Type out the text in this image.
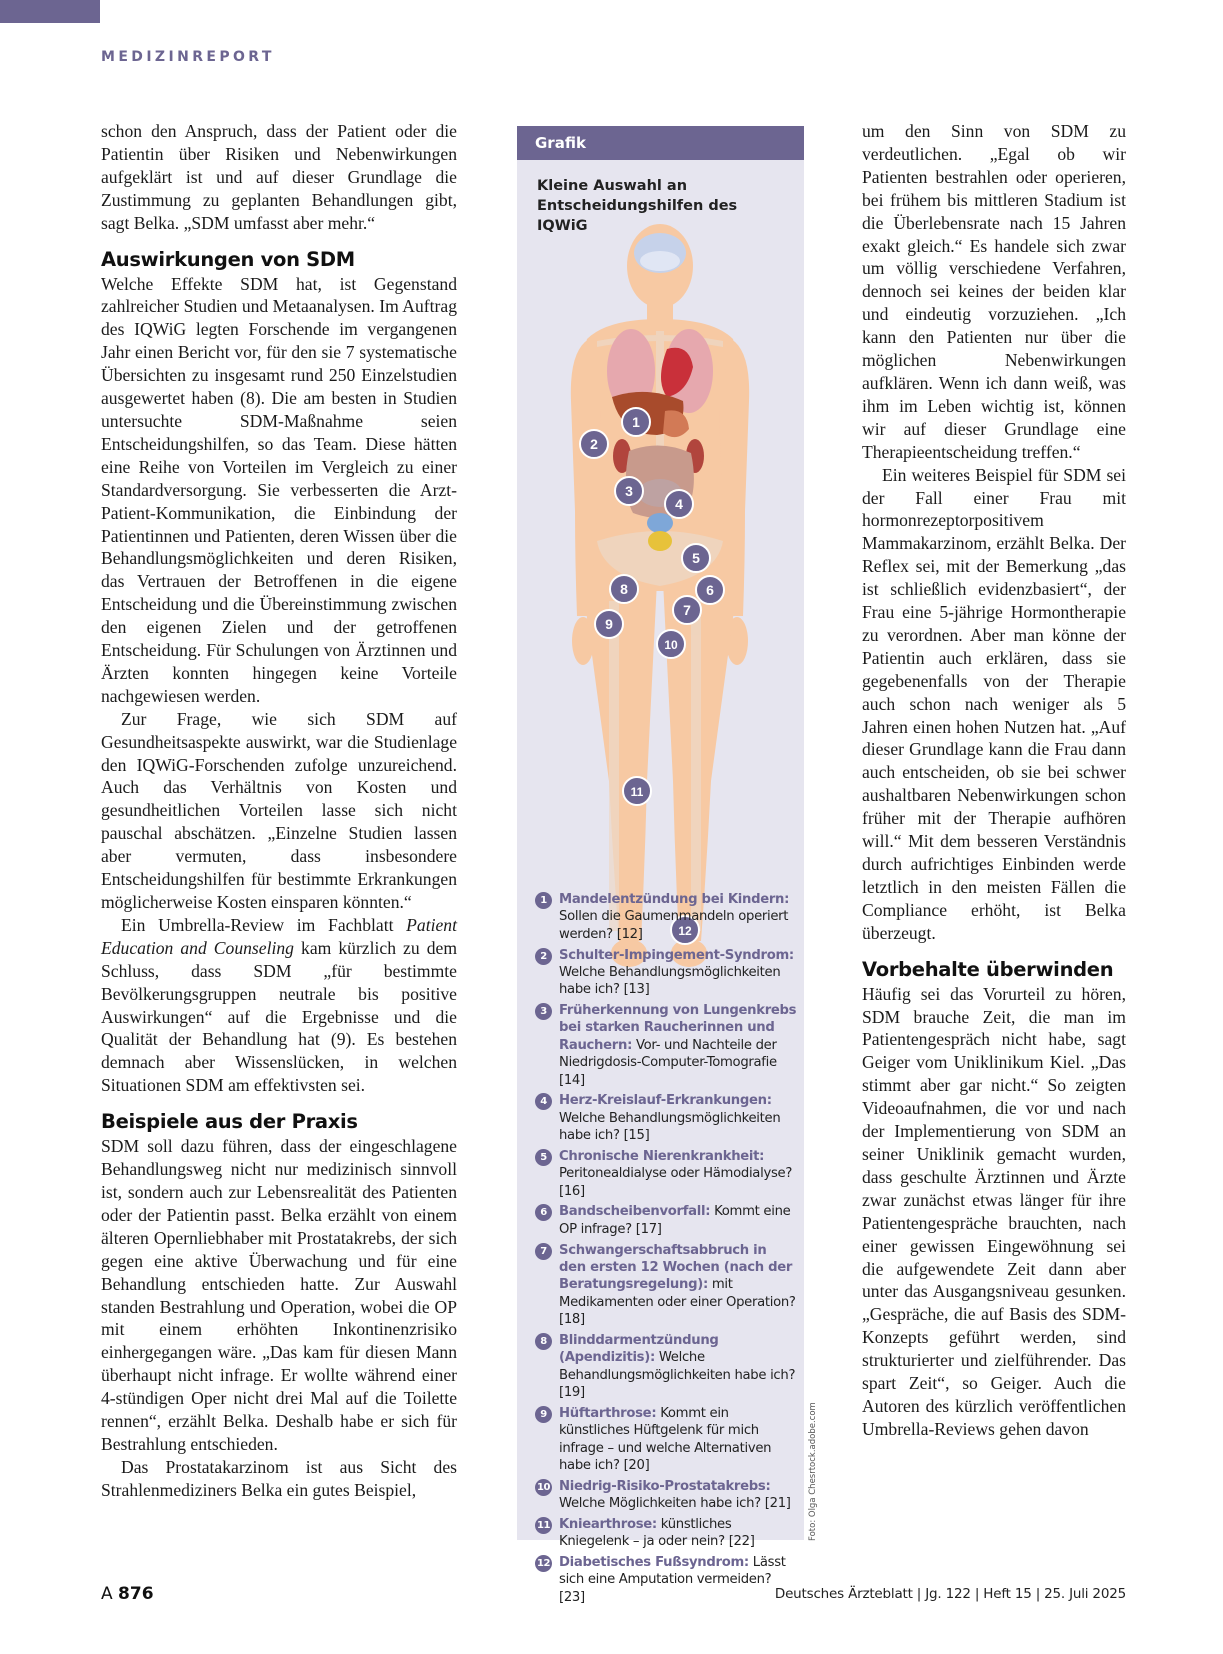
MEDIZINREPORT

schon den Anspruch, dass der Patient oder die Patientin über Risiken und Nebenwirkungen aufgeklärt ist und auf dieser Grundlage die Zustimmung zu geplanten Behandlungen gibt, sagt Belka. „SDM umfasst aber mehr.“

Auswirkungen von SDM

Welche Effekte SDM hat, ist Gegenstand zahlreicher Studien und Metaanalysen. Im Auftrag des IQWiG legten Forschende im vergangenen Jahr einen Bericht vor, für den sie 7 systematische Übersichten zu insgesamt rund 250 Einzelstudien ausgewertet haben (8). Die am besten in Studien untersuchte SDM-Maßnahme seien Entscheidungshilfen, so das Team. Diese hätten eine Reihe von Vorteilen im Vergleich zu einer Standardversorgung. Sie verbesserten die Arzt-Patient-Kommunikation, die Einbindung der Patientinnen und Patienten, deren Wissen über die Behandlungsmöglichkeiten und deren Risiken, das Vertrauen der Betroffenen in die eigene Entscheidung und die Übereinstimmung zwischen den eigenen Zielen und der getroffenen Entscheidung. Für Schulungen von Ärztinnen und Ärzten konnten hingegen keine Vorteile nachgewiesen werden.

Zur Frage, wie sich SDM auf Gesundheitsaspekte auswirkt, war die Studienlage den IQWiG-Forschenden zufolge unzureichend. Auch das Verhältnis von Kosten und gesundheitlichen Vorteilen lasse sich nicht pauschal abschätzen. „Einzelne Studien lassen aber vermuten, dass insbesondere Entscheidungshilfen für bestimmte Erkrankungen möglicherweise Kosten einsparen könnten.“

Ein Umbrella-Review im Fachblatt Patient Education and Counseling kam kürzlich zu dem Schluss, dass SDM „für bestimmte Bevölkerungsgruppen neutrale bis positive Auswirkungen“ auf die Ergebnisse und die Qualität der Behandlung hat (9). Es bestehen demnach aber Wissenslücken, in welchen Situationen SDM am effektivsten sei.

Beispiele aus der Praxis

SDM soll dazu führen, dass der eingeschlagene Behandlungsweg nicht nur medizinisch sinnvoll ist, sondern auch zur Lebensrealität des Patienten oder der Patientin passt. Belka erzählt von einem älteren Opernliebhaber mit Prostatakrebs, der sich gegen eine aktive Überwachung und für eine Behandlung entschieden hatte. Zur Auswahl standen Bestrahlung und Operation, wobei die OP mit einem erhöhten Inkontinenzrisiko einhergegangen wäre. „Das kam für diesen Mann überhaupt nicht infrage. Er wollte während einer 4-stündigen Oper nicht drei Mal auf die Toilette rennen“, erzählt Belka. Deshalb habe er sich für Bestrahlung entschieden.

Das Prostatakarzinom ist aus Sicht des Strahlenmediziners Belka ein gutes Beispiel,

Grafik
Kleine Auswahl an Entscheidungshilfen des IQWiG
1
2
3
4
5
6
7
8
9
10
11
12
1 Mandelentzündung bei Kindern: Sollen die Gaumenmandeln operiert werden? [12]
2 Schulter-Impingement-Syndrom: Welche Behandlungsmöglichkeiten habe ich? [13]
3 Früherkennung von Lungenkrebs bei starken Raucherinnen und Rauchern: Vor- und Nachteile der Niedrigdosis-Computer-Tomografie [14]
4 Herz-Kreislauf-Erkrankungen: Welche Behandlungsmöglichkeiten habe ich? [15]
5 Chronische Nierenkrankheit: Peritonealdialyse oder Hämodialyse? [16]
6 Bandscheibenvorfall: Kommt eine OP infrage? [17]
7 Schwangerschaftsabbruch in den ersten 12 Wochen (nach der Beratungsregelung): mit Medikamenten oder einer Operation? [18]
8 Blinddarmentzündung (Apendizitis): Welche Behandlungsmöglichkeiten habe ich? [19]
9 Hüftarthrose: Kommt ein künstliches Hüftgelenk für mich infrage – und welche Alternativen habe ich? [20]
10 Niedrig-Risiko-Prostatakrebs: Welche Möglichkeiten habe ich? [21]
11 Kniearthrose: künstliches Kniegelenk – ja oder nein? [22]
12 Diabetisches Fußsyndrom: Lässt sich eine Amputation vermeiden? [23]
Foto: Olga Chesrtock.adobe.com

um den Sinn von SDM zu verdeutlichen. „Egal ob wir Patienten bestrahlen oder operieren, bei frühem bis mittleren Stadium ist die Überlebensrate nach 15 Jahren exakt gleich.“ Es handele sich zwar um völlig verschiedene Verfahren, dennoch sei keines der beiden klar und eindeutig vorzuziehen. „Ich kann den Patienten nur über die möglichen Nebenwirkungen aufklären. Wenn ich dann weiß, was ihm im Leben wichtig ist, können wir auf dieser Grundlage eine Therapieentscheidung treffen.“

Ein weiteres Beispiel für SDM sei der Fall einer Frau mit hormonrezeptorpositivem Mammakarzinom, erzählt Belka. Der Reflex sei, mit der Bemerkung „das ist schließlich evidenzbasiert“, der Frau eine 5-jährige Hormontherapie zu verordnen. Aber man könne der Patientin auch erklären, dass sie gegebenenfalls von der Therapie auch schon nach weniger als 5 Jahren einen hohen Nutzen hat. „Auf dieser Grundlage kann die Frau dann auch entscheiden, ob sie bei schwer aushaltbaren Nebenwirkungen schon früher mit der Therapie aufhören will.“ Mit dem besseren Verständnis durch aufrichtiges Einbinden werde letztlich in den meisten Fällen die Compliance erhöht, ist Belka überzeugt.

Vorbehalte überwinden

Häufig sei das Vorurteil zu hören, SDM brauche Zeit, die man im Patientengespräch nicht habe, sagt Geiger vom Uniklinikum Kiel. „Das stimmt aber gar nicht.“ So zeigten Videoaufnahmen, die vor und nach der Implementierung von SDM an seiner Uniklinik gemacht wurden, dass geschulte Ärztinnen und Ärzte zwar zunächst etwas länger für ihre Patientengespräche brauchten, nach einer gewissen Eingewöhnung sei die aufgewendete Zeit dann aber unter das Ausgangsniveau gesunken. „Gespräche, die auf Basis des SDM-Konzepts geführt werden, sind strukturierter und zielführender. Das spart Zeit“, so Geiger. Auch die Autoren des kürzlich veröffentlichen Umbrella-Reviews gehen davon

A 876	Deutsches Ärzteblatt | Jg. 122 | Heft 15 | 25. Juli 2025
